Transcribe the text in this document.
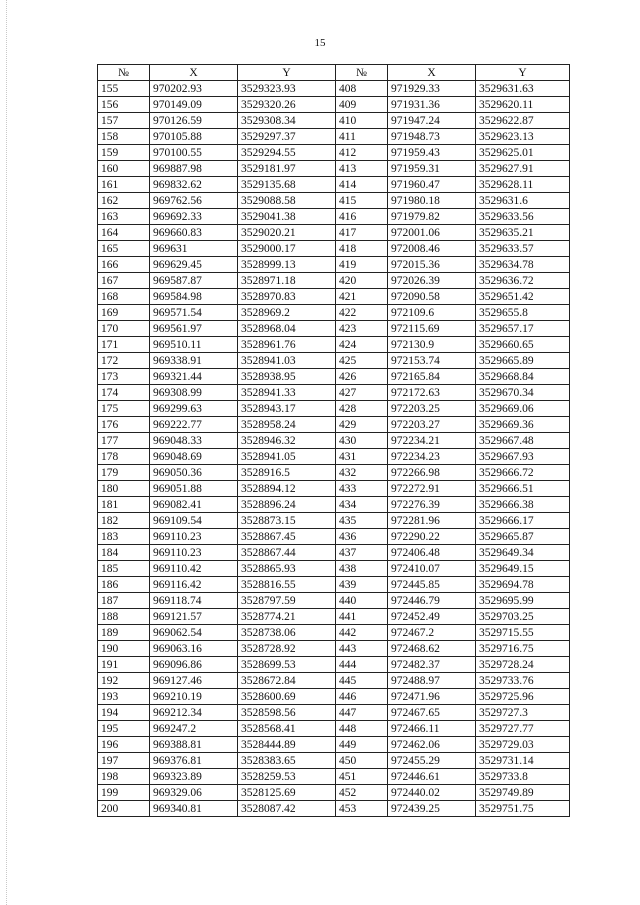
15
№	X	Y	№	X	Y
155	970202.93	3529323.93	408	971929.33	3529631.63
156	970149.09	3529320.26	409	971931.36	3529620.11
157	970126.59	3529308.34	410	971947.24	3529622.87
158	970105.88	3529297.37	411	971948.73	3529623.13
159	970100.55	3529294.55	412	971959.43	3529625.01
160	969887.98	3529181.97	413	971959.31	3529627.91
161	969832.62	3529135.68	414	971960.47	3529628.11
162	969762.56	3529088.58	415	971980.18	3529631.6
163	969692.33	3529041.38	416	971979.82	3529633.56
164	969660.83	3529020.21	417	972001.06	3529635.21
165	969631	3529000.17	418	972008.46	3529633.57
166	969629.45	3528999.13	419	972015.36	3529634.78
167	969587.87	3528971.18	420	972026.39	3529636.72
168	969584.98	3528970.83	421	972090.58	3529651.42
169	969571.54	3528969.2	422	972109.6	3529655.8
170	969561.97	3528968.04	423	972115.69	3529657.17
171	969510.11	3528961.76	424	972130.9	3529660.65
172	969338.91	3528941.03	425	972153.74	3529665.89
173	969321.44	3528938.95	426	972165.84	3529668.84
174	969308.99	3528941.33	427	972172.63	3529670.34
175	969299.63	3528943.17	428	972203.25	3529669.06
176	969222.77	3528958.24	429	972203.27	3529669.36
177	969048.33	3528946.32	430	972234.21	3529667.48
178	969048.69	3528941.05	431	972234.23	3529667.93
179	969050.36	3528916.5	432	972266.98	3529666.72
180	969051.88	3528894.12	433	972272.91	3529666.51
181	969082.41	3528896.24	434	972276.39	3529666.38
182	969109.54	3528873.15	435	972281.96	3529666.17
183	969110.23	3528867.45	436	972290.22	3529665.87
184	969110.23	3528867.44	437	972406.48	3529649.34
185	969110.42	3528865.93	438	972410.07	3529649.15
186	969116.42	3528816.55	439	972445.85	3529694.78
187	969118.74	3528797.59	440	972446.79	3529695.99
188	969121.57	3528774.21	441	972452.49	3529703.25
189	969062.54	3528738.06	442	972467.2	3529715.55
190	969063.16	3528728.92	443	972468.62	3529716.75
191	969096.86	3528699.53	444	972482.37	3529728.24
192	969127.46	3528672.84	445	972488.97	3529733.76
193	969210.19	3528600.69	446	972471.96	3529725.96
194	969212.34	3528598.56	447	972467.65	3529727.3
195	969247.2	3528568.41	448	972466.11	3529727.77
196	969388.81	3528444.89	449	972462.06	3529729.03
197	969376.81	3528383.65	450	972455.29	3529731.14
198	969323.89	3528259.53	451	972446.61	3529733.8
199	969329.06	3528125.69	452	972440.02	3529749.89
200	969340.81	3528087.42	453	972439.25	3529751.75
